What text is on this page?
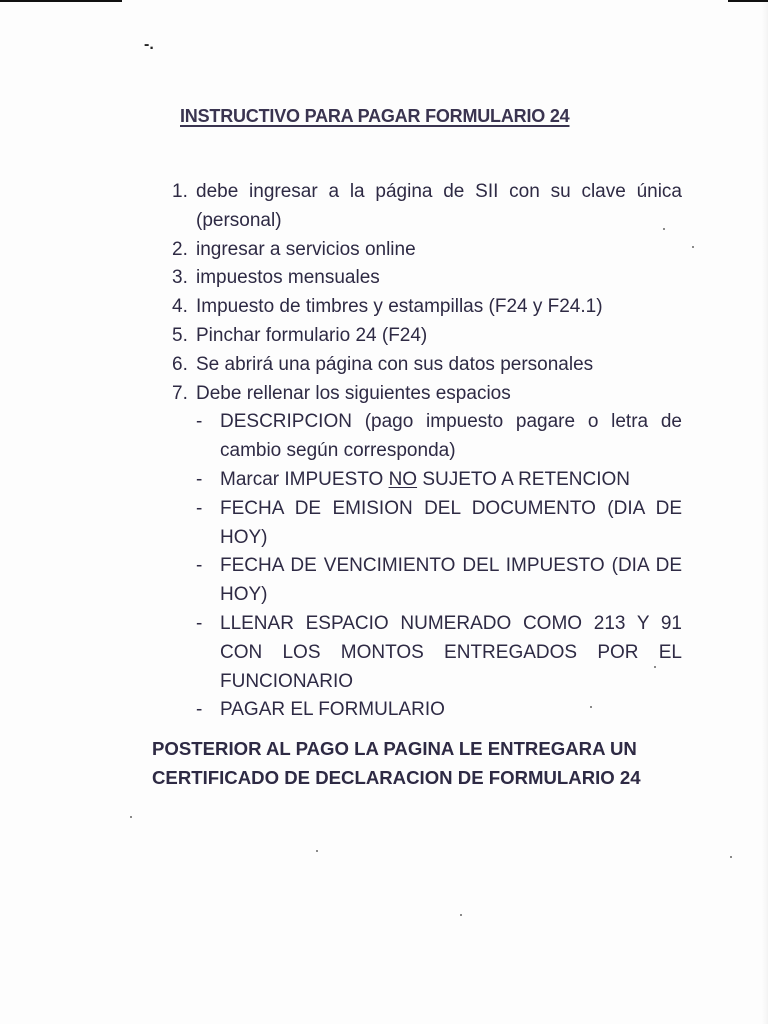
-.
INSTRUCTIVO PARA PAGAR FORMULARIO 24
1. debe ingresar a la página de SII con su clave única (personal)
2. ingresar a servicios online
3. impuestos mensuales
4. Impuesto de timbres y estampillas (F24 y F24.1)
5. Pinchar formulario 24 (F24)
6. Se abrirá una página con sus datos personales
7. Debe rellenar los siguientes espacios
- DESCRIPCION (pago impuesto pagare o letra de cambio según corresponda)
- Marcar IMPUESTO NO SUJETO A RETENCION
- FECHA DE EMISION DEL DOCUMENTO (DIA DE HOY)
- FECHA DE VENCIMIENTO DEL IMPUESTO (DIA DE HOY)
- LLENAR ESPACIO NUMERADO COMO 213 Y 91 CON LOS MONTOS ENTREGADOS POR EL FUNCIONARIO
- PAGAR EL FORMULARIO
POSTERIOR AL PAGO LA PAGINA LE ENTREGARA UN
CERTIFICADO DE DECLARACION DE FORMULARIO 24
